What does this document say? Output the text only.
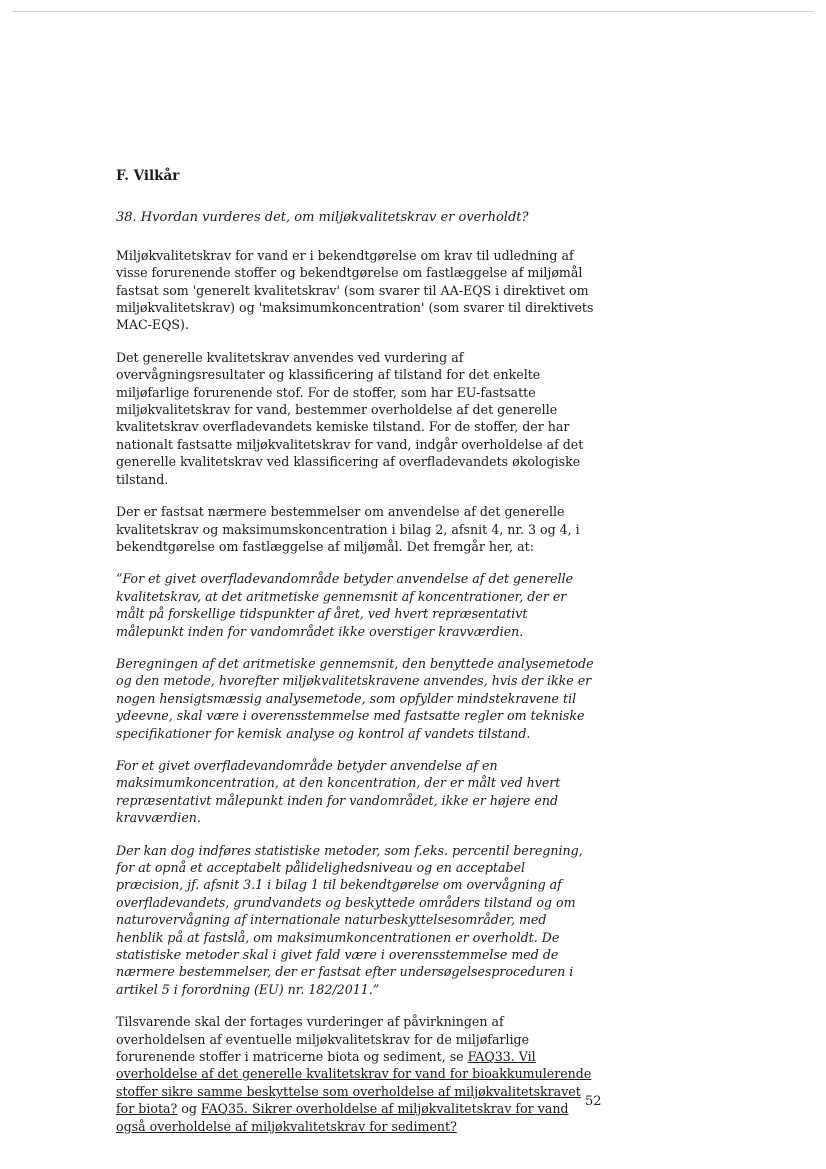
F. Vilkår
38. Hvordan vurderes det, om miljøkvalitetskrav er overholdt?

Miljøkvalitetskrav for vand er i bekendtgørelse om krav til udledning af visse forurenende stoffer og bekendtgørelse om fastlæggelse af miljømål fastsat som 'generelt kvalitetskrav' (som svarer til AA-EQS i direktivet om miljøkvalitetskrav) og 'maksimumkoncentration' (som svarer til direktivets MAC-EQS).

Det generelle kvalitetskrav anvendes ved vurdering af overvågningsresultater og klassificering af tilstand for det enkelte miljøfarlige forurenende stof. For de stoffer, som har EU-fastsatte miljøkvalitetskrav for vand, bestemmer overholdelse af det generelle kvalitetskrav overfladevandets kemiske tilstand. For de stoffer, der har nationalt fastsatte miljøkvalitetskrav for vand, indgår overholdelse af det generelle kvalitetskrav ved klassificering af overfladevandets økologiske tilstand.

Der er fastsat nærmere bestemmelser om anvendelse af det generelle kvalitetskrav og maksimumskoncentration i bilag 2, afsnit 4, nr. 3 og 4, i bekendtgørelse om fastlæggelse af miljømål. Det fremgår her, at:

”For et givet overfladevandområde betyder anvendelse af det generelle kvalitetskrav, at det aritmetiske gennemsnit af koncentrationer, der er målt på forskellige tidspunkter af året, ved hvert repræsentativt målepunkt inden for vandområdet ikke overstiger kravværdien.

Beregningen af det aritmetiske gennemsnit, den benyttede analysemetode og den metode, hvorefter miljøkvalitetskravene anvendes, hvis der ikke er nogen hensigtsmæssig analysemetode, som opfylder mindstekravene til ydeevne, skal være i overensstemmelse med fastsatte regler om tekniske specifikationer for kemisk analyse og kontrol af vandets tilstand.

For et givet overfladevandområde betyder anvendelse af en maksimumkoncentration, at den koncentration, der er målt ved hvert repræsentativt målepunkt inden for vandområdet, ikke er højere end kravværdien.

Der kan dog indføres statistiske metoder, som f.eks. percentil beregning, for at opnå et acceptabelt pålidelighedsniveau og en acceptabel præcision, jf. afsnit 3.1 i bilag 1 til bekendtgørelse om overvågning af overfladevandets, grundvandets og beskyttede områders tilstand og om naturovervågning af internationale naturbeskyttelsesområder, med henblik på at fastslå, om maksimumkoncentrationen er overholdt. De statistiske metoder skal i givet fald være i overensstemmelse med de nærmere bestemmelser, der er fastsat efter undersøgelsesproceduren i artikel 5 i forordning (EU) nr. 182/2011.”

Tilsvarende skal der fortages vurderinger af påvirkningen af overholdelsen af eventuelle miljøkvalitetskrav for de miljøfarlige forurenende stoffer i matricerne biota og sediment, se FAQ33. Vil overholdelse af det generelle kvalitetskrav for vand for bioakkumulerende stoffer sikre samme beskyttelse som overholdelse af miljøkvalitetskravet for biota? og FAQ35. Sikrer overholdelse af miljøkvalitetskrav for vand også overholdelse af miljøkvalitetskrav for sediment?

52
